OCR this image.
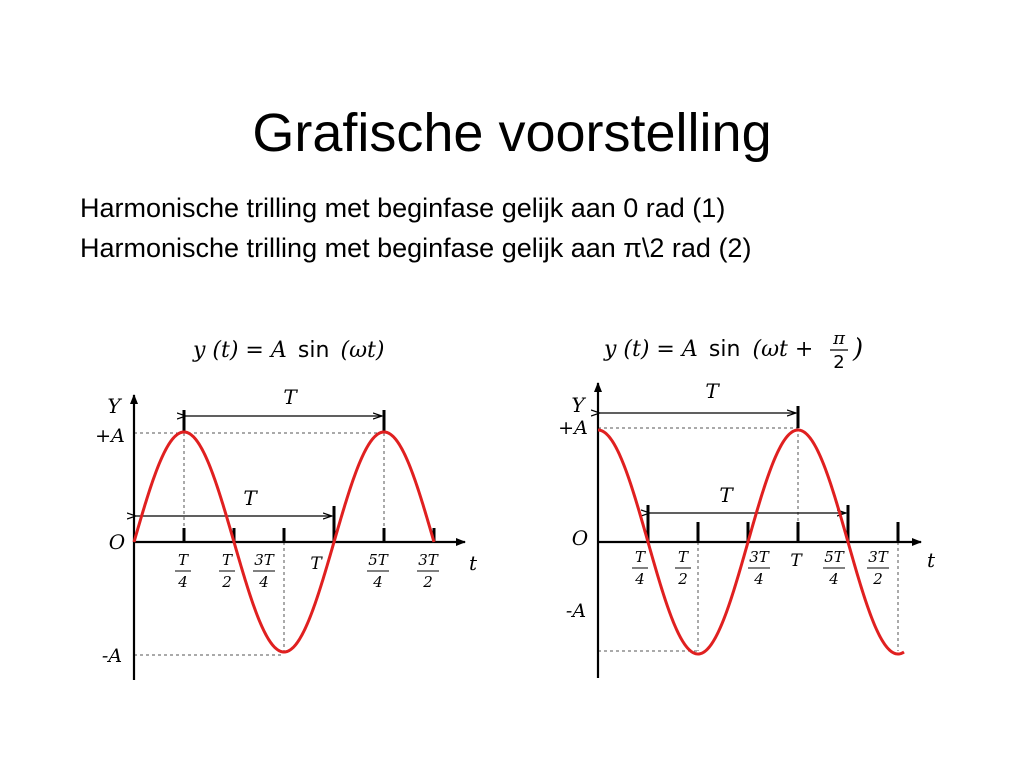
Grafische voorstelling
Harmonische trilling met beginfase gelijk aan 0 rad (1)
Harmonische trilling met beginfase gelijk aan π\2 rad (2)
y (t) = A sin (ωt)
T
T
Y
t
O
+A
-A
T
4
T
2
3T
4
T	5T
4
3T
2
y (t) = A sin (ωt + π
2 )
T
T
Y
t
O
+A
-A
T
4
T
2
3T
4
T 5T
4
3T
2
